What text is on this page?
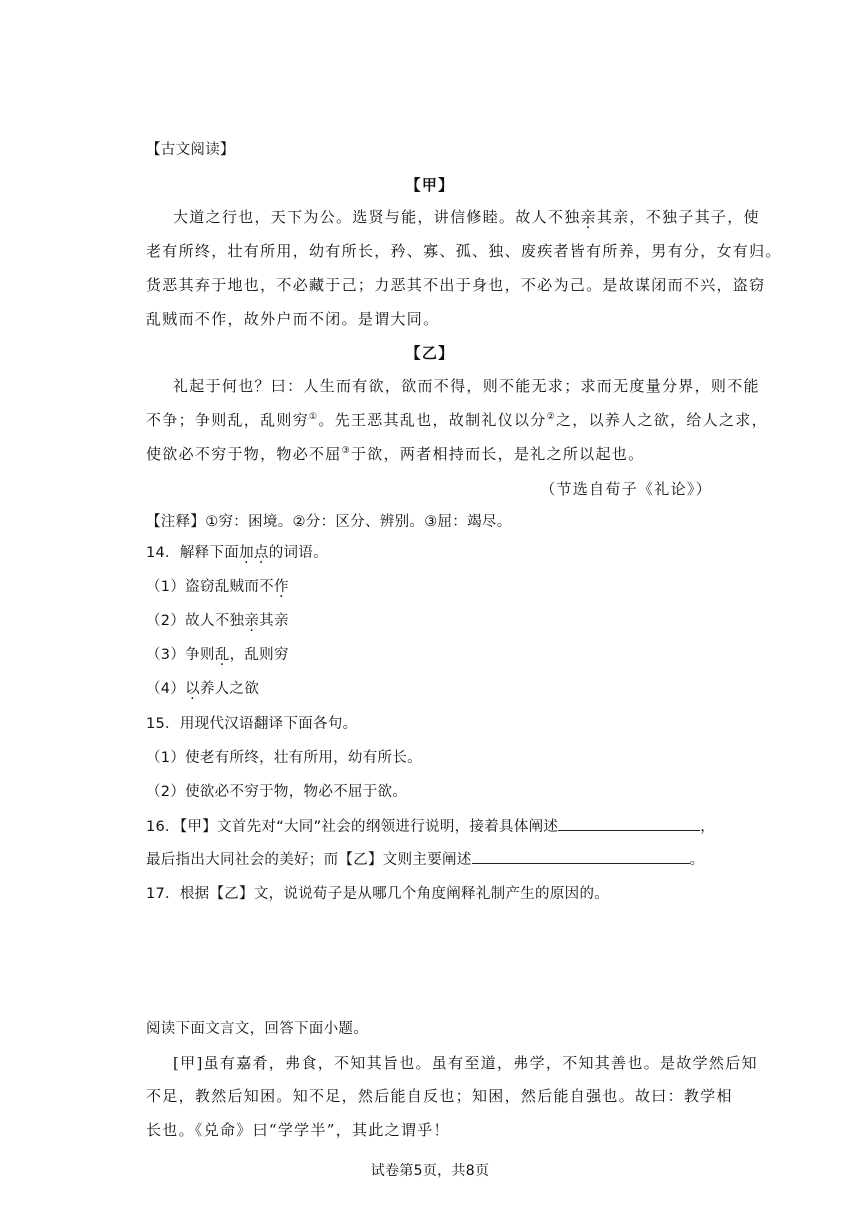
【古文阅读】
【甲】
大道之行也，天下为公。选贤与能，讲信修睦。故人不独亲其亲，不独子其子，使
老有所终，壮有所用，幼有所长，矜、寡、孤、独、废疾者皆有所养，男有分，女有归。
货恶其弃于地也，不必藏于己；力恶其不出于身也，不必为己。是故谋闭而不兴，盗窃
乱贼而不作，故外户而不闭。是谓大同。
【乙】
礼起于何也？曰：人生而有欲，欲而不得，则不能无求；求而无度量分界，则不能
不争；争则乱，乱则穷①。先王恶其乱也，故制礼仪以分②之，以养人之欲，给人之求，
使欲必不穷于物，物必不屈③于欲，两者相持而长，是礼之所以起也。
（节选自荀子《礼论》）
【注释】①穷：困境。②分：区分、辨别。③屈：竭尽。
14．解释下面加点的词语。
（1）盗窃乱贼而不作
（2）故人不独亲其亲
（3）争则乱，乱则穷
（4）以养人之欲
15．用现代汉语翻译下面各句。
（1）使老有所终，壮有所用，幼有所长。
（2）使欲必不穷于物，物必不屈于欲。
16．【甲】文首先对“大同”社会的纲领进行说明，接着具体阐述	，
最后指出大同社会的美好；而【乙】文则主要阐述	。
17．根据【乙】文，说说荀子是从哪几个角度阐释礼制产生的原因的。
阅读下面文言文，回答下面小题。
[甲]虽有嘉肴，弗食，不知其旨也。虽有至道，弗学，不知其善也。是故学然后知
不足，教然后知困。知不足，然后能自反也；知困，然后能自强也。故曰：教学相
长也。《兑命》曰“学学半”，其此之谓乎！
试卷第5页，共8页
